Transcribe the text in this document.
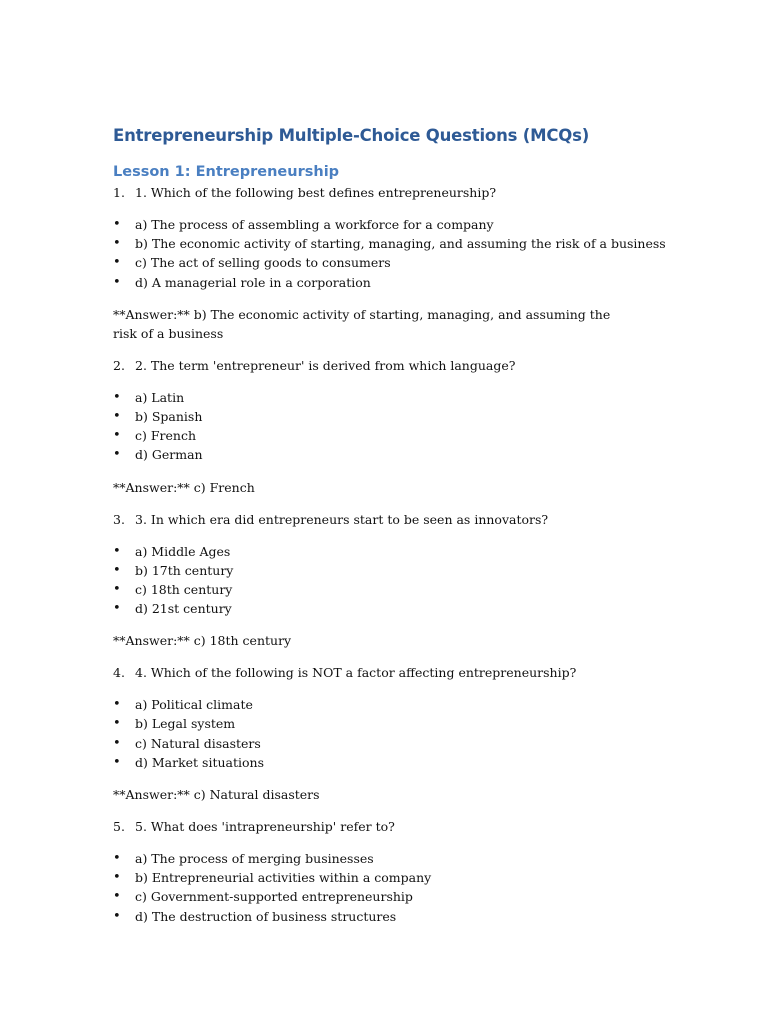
Entrepreneurship Multiple-Choice Questions (MCQs)
Lesson 1: Entrepreneurship

1. 1. Which of the following best defines entrepreneurship?

• a) The process of assembling a workforce for a company
• b) The economic activity of starting, managing, and assuming the risk of a business
• c) The act of selling goods to consumers
• d) A managerial role in a corporation

**Answer:** b) The economic activity of starting, managing, and assuming the risk of a business

2. 2. The term 'entrepreneur' is derived from which language?

• a) Latin
• b) Spanish
• c) French
• d) German

**Answer:** c) French

3. 3. In which era did entrepreneurs start to be seen as innovators?

• a) Middle Ages
• b) 17th century
• c) 18th century
• d) 21st century

**Answer:** c) 18th century

4. 4. Which of the following is NOT a factor affecting entrepreneurship?

• a) Political climate
• b) Legal system
• c) Natural disasters
• d) Market situations

**Answer:** c) Natural disasters

5. 5. What does 'intrapreneurship' refer to?

• a) The process of merging businesses
• b) Entrepreneurial activities within a company
• c) Government-supported entrepreneurship
• d) The destruction of business structures
